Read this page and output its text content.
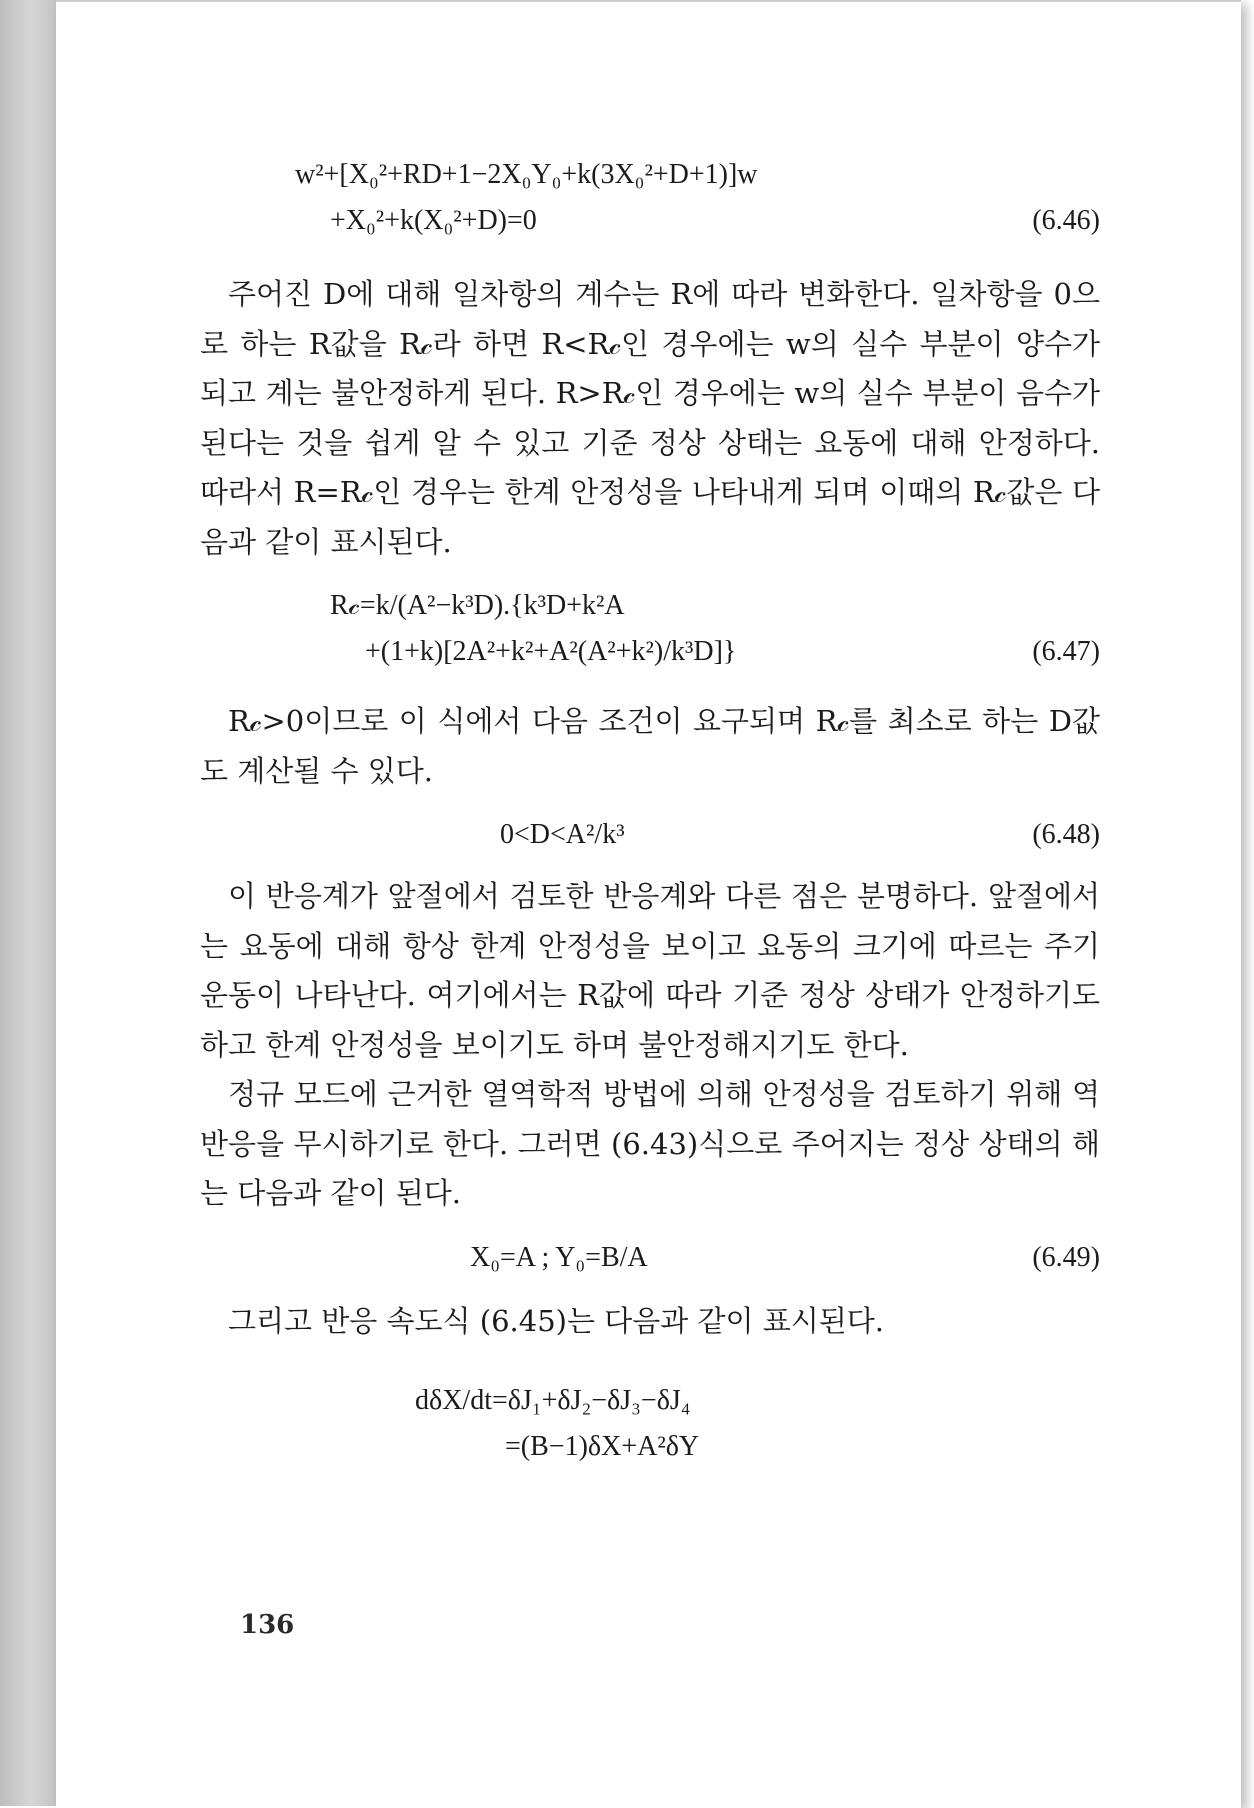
w²+[X₀²+RD+1−2X₀Y₀+k(3X₀²+D+1)]w
+X₀²+k(X₀²+D)=0	(6.46)

주어진 D에 대해 일차항의 계수는 R에 따라 변화한다. 일차항을 0으로 하는 R값을 R𝒸라 하면 R<R𝒸인 경우에는 w의 실수 부분이 양수가 되고 계는 불안정하게 된다. R>R𝒸인 경우에는 w의 실수 부분이 음수가 된다는 것을 쉽게 알 수 있고 기준 정상 상태는 요동에 대해 안정하다. 따라서 R=R𝒸인 경우는 한계 안정성을 나타내게 되며 이때의 R𝒸값은 다음과 같이 표시된다.

R𝒸=k/(A²−k³D).{k³D+k²A
+(1+k)[2A²+k²+A²(A²+k²)/k³D]}	(6.47)

R𝒸>0이므로 이 식에서 다음 조건이 요구되며 R𝒸를 최소로 하는 D값도 계산될 수 있다.

0<D<A²/k³	(6.48)

이 반응계가 앞절에서 검토한 반응계와 다른 점은 분명하다. 앞절에서는 요동에 대해 항상 한계 안정성을 보이고 요동의 크기에 따르는 주기 운동이 나타난다. 여기에서는 R값에 따라 기준 정상 상태가 안정하기도 하고 한계 안정성을 보이기도 하며 불안정해지기도 한다.

정규 모드에 근거한 열역학적 방법에 의해 안정성을 검토하기 위해 역반응을 무시하기로 한다. 그러면 (6.43)식으로 주어지는 정상 상태의 해는 다음과 같이 된다.

X₀=A ; Y₀=B/A	(6.49)

그리고 반응 속도식 (6.45)는 다음과 같이 표시된다.

dδX/dt=δJ₁+δJ₂−δJ₃−δJ₄
=(B−1)δX+A²δY
136
